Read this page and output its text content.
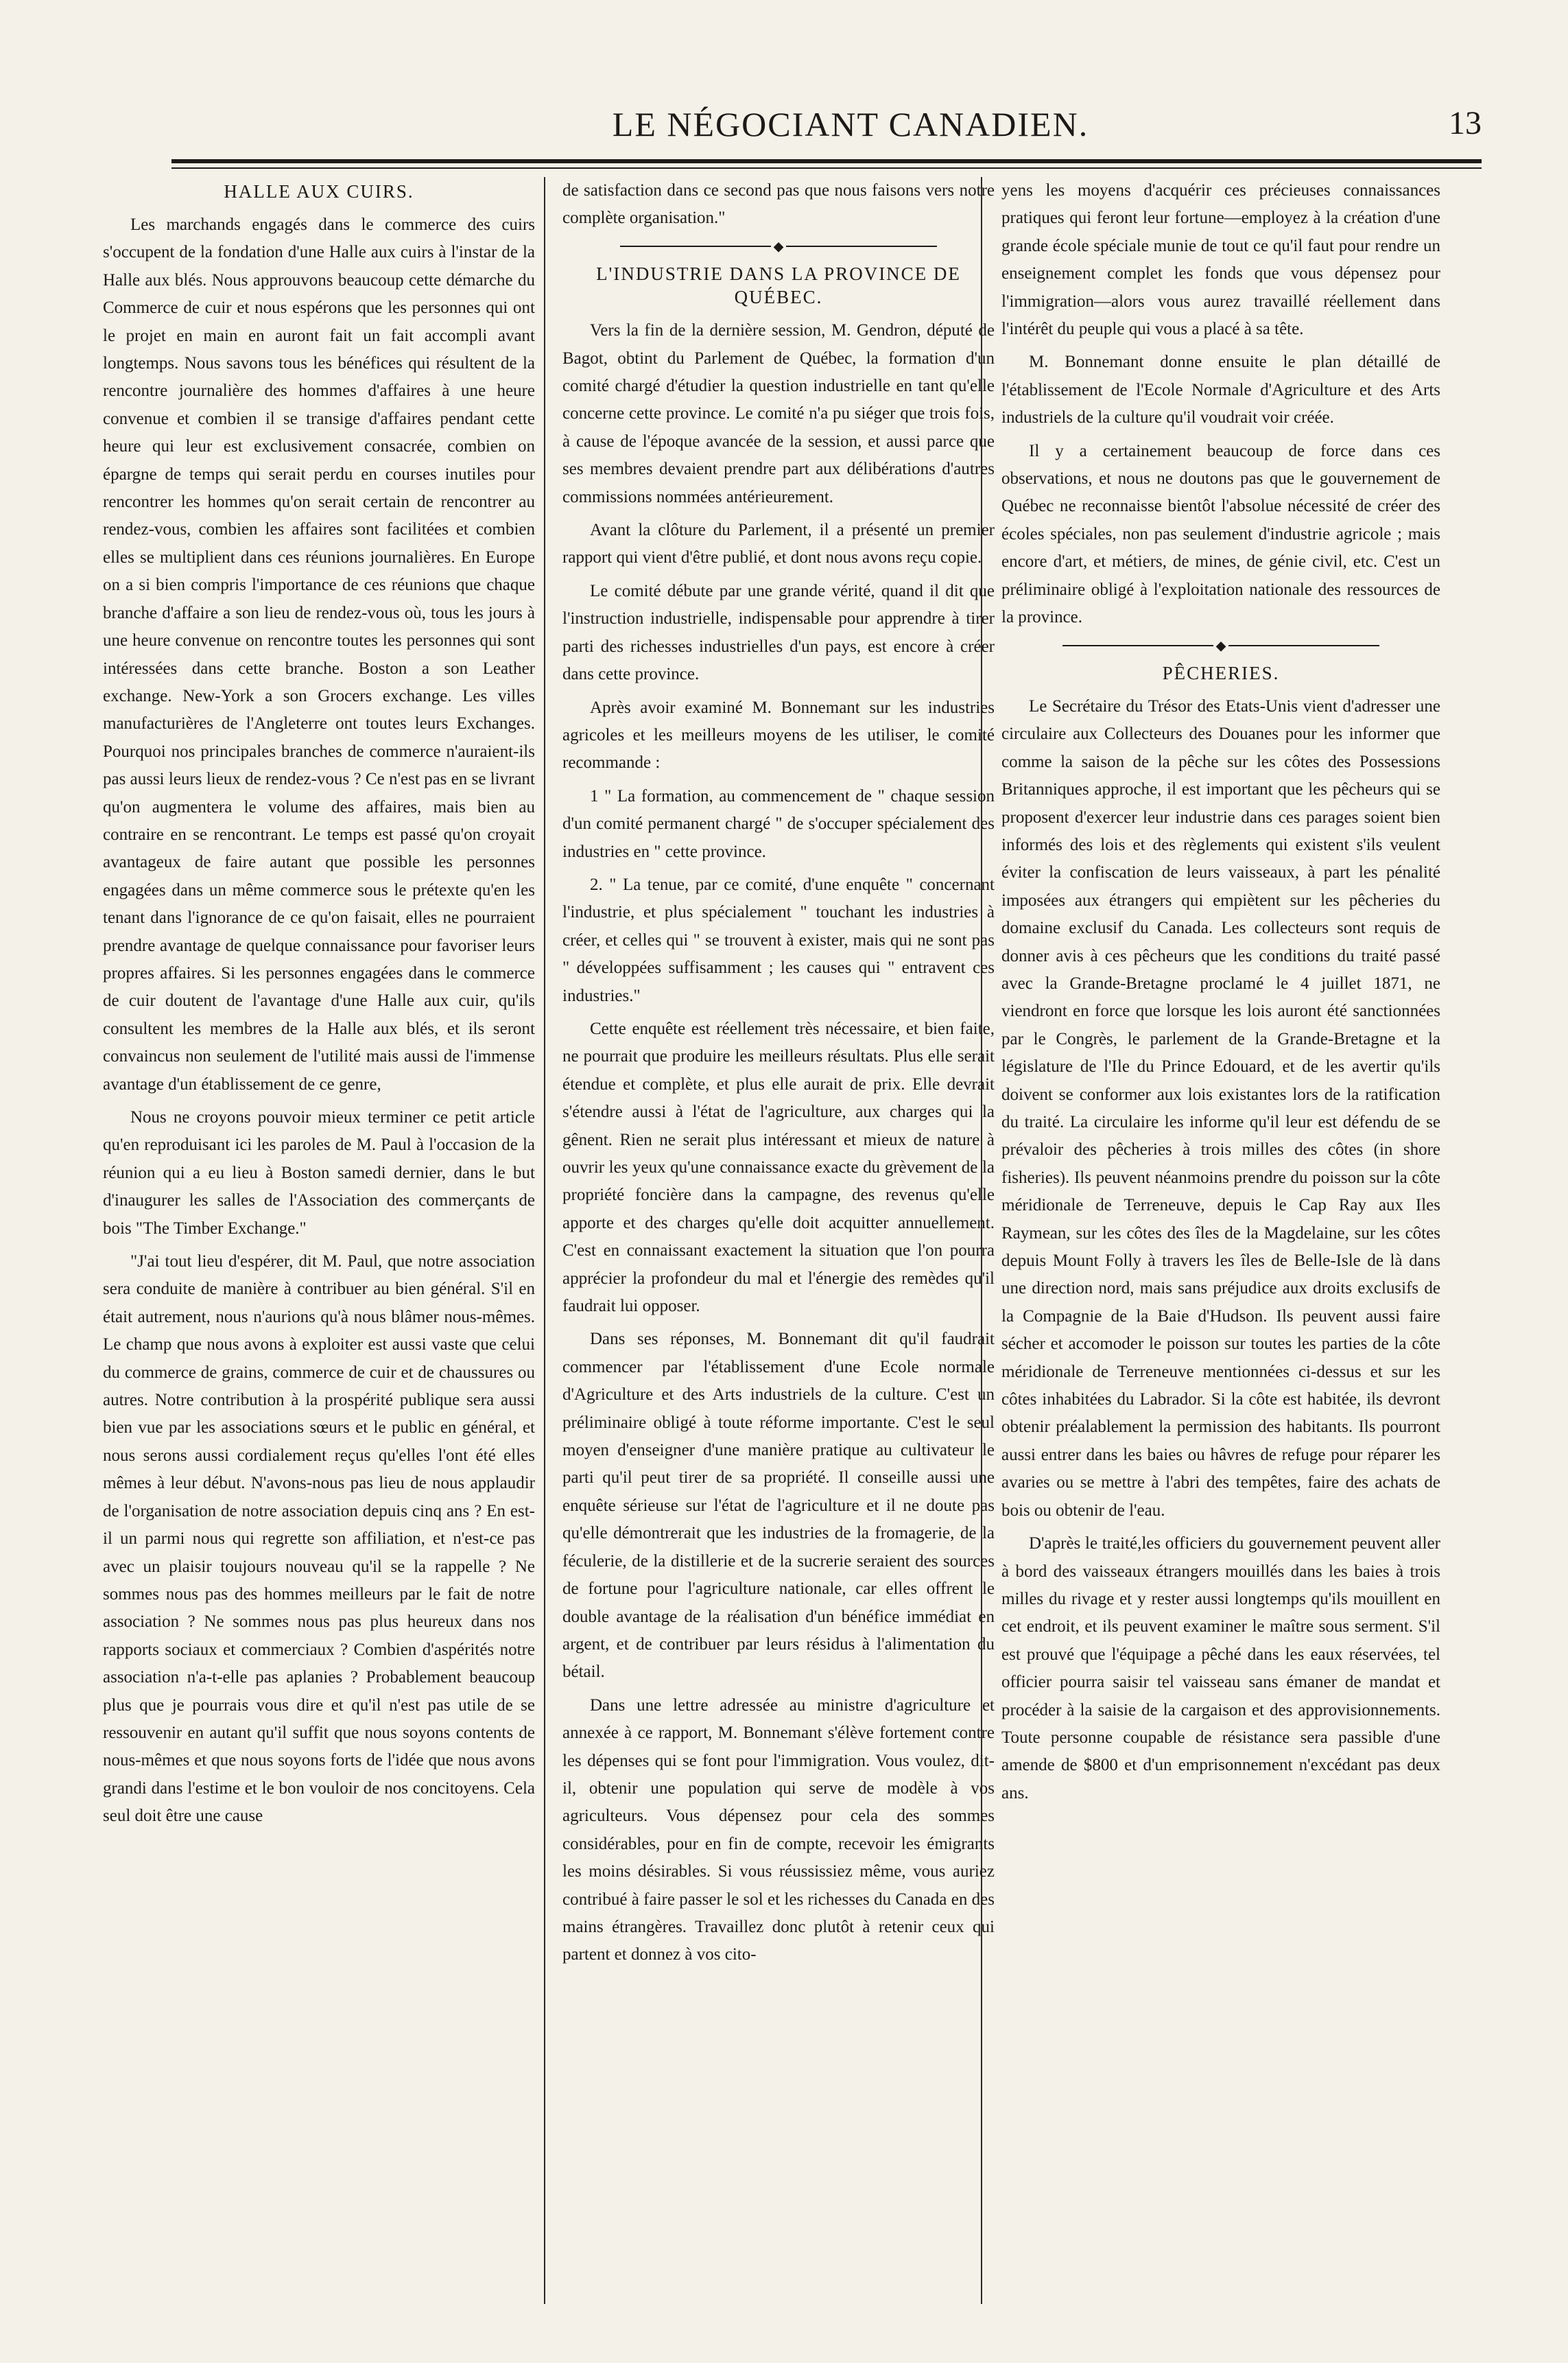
LE NÉGOCIANT CANADIEN.	13
HALLE AUX CUIRS.

Les marchands engagés dans le commerce des cuirs s'occupent de la fondation d'une Halle aux cuirs à l'instar de la Halle aux blés. Nous approuvons beaucoup cette démarche du Commerce de cuir et nous espérons que les personnes qui ont le projet en main en auront fait un fait accompli avant longtemps. Nous savons tous les bénéfices qui résultent de la rencontre journalière des hommes d'affaires à une heure convenue et combien il se transige d'affaires pendant cette heure qui leur est exclusivement consacrée, combien on épargne de temps qui serait perdu en courses inutiles pour rencontrer les hommes qu'on serait certain de rencontrer au rendez-vous, combien les affaires sont facilitées et combien elles se multiplient dans ces réunions journalières. En Europe on a si bien compris l'importance de ces réunions que chaque branche d'affaire a son lieu de rendez-vous où, tous les jours à une heure convenue on rencontre toutes les personnes qui sont intéressées dans cette branche. Boston a son Leather exchange. New-York a son Grocers exchange. Les villes manufacturières de l'Angleterre ont toutes leurs Exchanges. Pourquoi nos principales branches de commerce n'auraient-ils pas aussi leurs lieux de rendez-vous ? Ce n'est pas en se livrant qu'on augmentera le volume des affaires, mais bien au contraire en se rencontrant. Le temps est passé qu'on croyait avantageux de faire autant que possible les personnes engagées dans un même commerce sous le prétexte qu'en les tenant dans l'ignorance de ce qu'on faisait, elles ne pourraient prendre avantage de quelque connaissance pour favoriser leurs propres affaires. Si les personnes engagées dans le commerce de cuir doutent de l'avantage d'une Halle aux cuir, qu'ils consultent les membres de la Halle aux blés, et ils seront convaincus non seulement de l'utilité mais aussi de l'immense avantage d'un établissement de ce genre,

Nous ne croyons pouvoir mieux terminer ce petit article qu'en reproduisant ici les paroles de M. Paul à l'occasion de la réunion qui a eu lieu à Boston samedi dernier, dans le but d'inaugurer les salles de l'Association des commerçants de bois "The Timber Exchange."

"J'ai tout lieu d'espérer, dit M. Paul, que notre association sera conduite de manière à contribuer au bien général. S'il en était autrement, nous n'aurions qu'à nous blâmer nous-mêmes. Le champ que nous avons à exploiter est aussi vaste que celui du commerce de grains, commerce de cuir et de chaussures ou autres. Notre contribution à la prospérité publique sera aussi bien vue par les associations sœurs et le public en général, et nous serons aussi cordialement reçus qu'elles l'ont été elles mêmes à leur début. N'avons-nous pas lieu de nous applaudir de l'organisation de notre association depuis cinq ans ? En est-il un parmi nous qui regrette son affiliation, et n'est-ce pas avec un plaisir toujours nouveau qu'il se la rappelle ? Ne sommes nous pas des hommes meilleurs par le fait de notre association ? Ne sommes nous pas plus heureux dans nos rapports sociaux et commerciaux ? Combien d'aspérités notre association n'a-t-elle pas aplanies ? Probablement beaucoup plus que je pourrais vous dire et qu'il n'est pas utile de se ressouvenir en autant qu'il suffit que nous soyons contents de nous-mêmes et que nous soyons forts de l'idée que nous avons grandi dans l'estime et le bon vouloir de nos concitoyens. Cela seul doit être une cause

de satisfaction dans ce second pas que nous faisons vers notre complète organisation."

◆
L'INDUSTRIE DANS LA PROVINCE DE QUÉBEC.

Vers la fin de la dernière session, M. Gendron, député de Bagot, obtint du Parlement de Québec, la formation d'un comité chargé d'étudier la question industrielle en tant qu'elle concerne cette province. Le comité n'a pu siéger que trois fois, à cause de l'époque avancée de la session, et aussi parce que ses membres devaient prendre part aux délibérations d'autres commissions nommées antérieurement.

Avant la clôture du Parlement, il a présenté un premier rapport qui vient d'être publié, et dont nous avons reçu copie.

Le comité débute par une grande vérité, quand il dit que l'instruction industrielle, indispensable pour apprendre à tirer parti des richesses industrielles d'un pays, est encore à créer dans cette province.

Après avoir examiné M. Bonnemant sur les industries agricoles et les meilleurs moyens de les utiliser, le comité recommande :

1 " La formation, au commencement de " chaque session d'un comité permanent chargé " de s'occuper spécialement des industries en " cette province.

2. " La tenue, par ce comité, d'une enquête " concernant l'industrie, et plus spécialement " touchant les industries à créer, et celles qui " se trouvent à exister, mais qui ne sont pas " développées suffisamment ; les causes qui " entravent ces industries."

Cette enquête est réellement très nécessaire, et bien faite, ne pourrait que produire les meilleurs résultats. Plus elle serait étendue et complète, et plus elle aurait de prix. Elle devrait s'étendre aussi à l'état de l'agriculture, aux charges qui la gênent. Rien ne serait plus intéressant et mieux de nature à ouvrir les yeux qu'une connaissance exacte du grèvement de la propriété foncière dans la campagne, des revenus qu'elle apporte et des charges qu'elle doit acquitter annuellement. C'est en connaissant exactement la situation que l'on pourra apprécier la profondeur du mal et l'énergie des remèdes qu'il faudrait lui opposer.

Dans ses réponses, M. Bonnemant dit qu'il faudrait commencer par l'établissement d'une Ecole normale d'Agriculture et des Arts industriels de la culture. C'est un préliminaire obligé à toute réforme importante. C'est le seul moyen d'enseigner d'une manière pratique au cultivateur le parti qu'il peut tirer de sa propriété. Il conseille aussi une enquête sérieuse sur l'état de l'agriculture et il ne doute pas qu'elle démontrerait que les industries de la fromagerie, de la féculerie, de la distillerie et de la sucrerie seraient des sources de fortune pour l'agriculture nationale, car elles offrent le double avantage de la réalisation d'un bénéfice immédiat en argent, et de contribuer par leurs résidus à l'alimentation du bétail.

Dans une lettre adressée au ministre d'agriculture et annexée à ce rapport, M. Bonnemant s'élève fortement contre les dépenses qui se font pour l'immigration. Vous voulez, dit-il, obtenir une population qui serve de modèle à vos agriculteurs. Vous dépensez pour cela des sommes considérables, pour en fin de compte, recevoir les émigrants les moins désirables. Si vous réussissiez même, vous auriez contribué à faire passer le sol et les richesses du Canada en des mains étrangères. Travaillez donc plutôt à retenir ceux qui partent et donnez à vos cito-

yens les moyens d'acquérir ces précieuses connaissances pratiques qui feront leur fortune—employez à la création d'une grande école spéciale munie de tout ce qu'il faut pour rendre un enseignement complet les fonds que vous dépensez pour l'immigration—alors vous aurez travaillé réellement dans l'intérêt du peuple qui vous a placé à sa tête.

M. Bonnemant donne ensuite le plan détaillé de l'établissement de l'Ecole Normale d'Agriculture et des Arts industriels de la culture qu'il voudrait voir créée.

Il y a certainement beaucoup de force dans ces observations, et nous ne doutons pas que le gouvernement de Québec ne reconnaisse bientôt l'absolue nécessité de créer des écoles spéciales, non pas seulement d'industrie agricole ; mais encore d'art, et métiers, de mines, de génie civil, etc. C'est un préliminaire obligé à l'exploitation nationale des ressources de la province.

◆
PÊCHERIES.

Le Secrétaire du Trésor des Etats-Unis vient d'adresser une circulaire aux Collecteurs des Douanes pour les informer que comme la saison de la pêche sur les côtes des Possessions Britanniques approche, il est important que les pêcheurs qui se proposent d'exercer leur industrie dans ces parages soient bien informés des lois et des règlements qui existent s'ils veulent éviter la confiscation de leurs vaisseaux, à part les pénalité imposées aux étrangers qui empiètent sur les pêcheries du domaine exclusif du Canada. Les collecteurs sont requis de donner avis à ces pêcheurs que les conditions du traité passé avec la Grande-Bretagne proclamé le 4 juillet 1871, ne viendront en force que lorsque les lois auront été sanctionnées par le Congrès, le parlement de la Grande-Bretagne et la législature de l'Ile du Prince Edouard, et de les avertir qu'ils doivent se conformer aux lois existantes lors de la ratification du traité. La circulaire les informe qu'il leur est défendu de se prévaloir des pêcheries à trois milles des côtes (in shore fisheries). Ils peuvent néanmoins prendre du poisson sur la côte méridionale de Terreneuve, depuis le Cap Ray aux Iles Raymean, sur les côtes des îles de la Magdelaine, sur les côtes depuis Mount Folly à travers les îles de Belle-Isle de là dans une direction nord, mais sans préjudice aux droits exclusifs de la Compagnie de la Baie d'Hudson. Ils peuvent aussi faire sécher et accomoder le poisson sur toutes les parties de la côte méridionale de Terreneuve mentionnées ci-dessus et sur les côtes inhabitées du Labrador. Si la côte est habitée, ils devront obtenir préalablement la permission des habitants. Ils pourront aussi entrer dans les baies ou hâvres de refuge pour réparer les avaries ou se mettre à l'abri des tempêtes, faire des achats de bois ou obtenir de l'eau.

D'après le traité,les officiers du gouvernement peuvent aller à bord des vaisseaux étrangers mouillés dans les baies à trois milles du rivage et y rester aussi longtemps qu'ils mouillent en cet endroit, et ils peuvent examiner le maître sous serment. S'il est prouvé que l'équipage a pêché dans les eaux réservées, tel officier pourra saisir tel vaisseau sans émaner de mandat et procéder à la saisie de la cargaison et des approvisionnements. Toute personne coupable de résistance sera passible d'une amende de $800 et d'un emprisonnement n'excédant pas deux ans.
